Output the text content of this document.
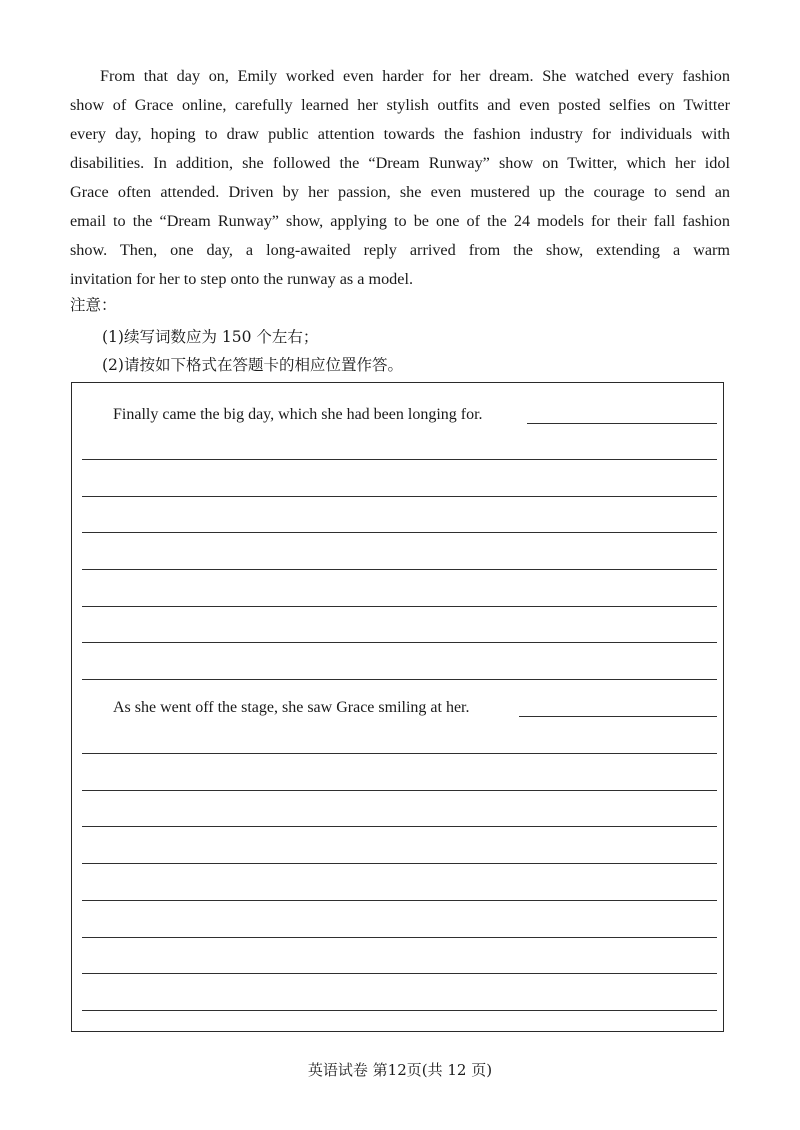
From that day on, Emily worked even harder for her dream. She watched every fashion
show of Grace online, carefully learned her stylish outfits and even posted selfies on Twitter
every day, hoping to draw public attention towards the fashion industry for individuals with
disabilities. In addition, she followed the “Dream Runway” show on Twitter, which her idol
Grace often attended. Driven by her passion, she even mustered up the courage to send an
email to the “Dream Runway” show, applying to be one of the 24 models for their fall fashion
show. Then, one day, a long-awaited reply arrived from the show, extending a warm
invitation for her to step onto the runway as a model.
注意：
(1)续写词数应为 150 个左右；
(2)请按如下格式在答题卡的相应位置作答。
Finally came the big day, which she had been longing for.
As she went off the stage, she saw Grace smiling at her.
英语试卷 第12页(共 12 页)
